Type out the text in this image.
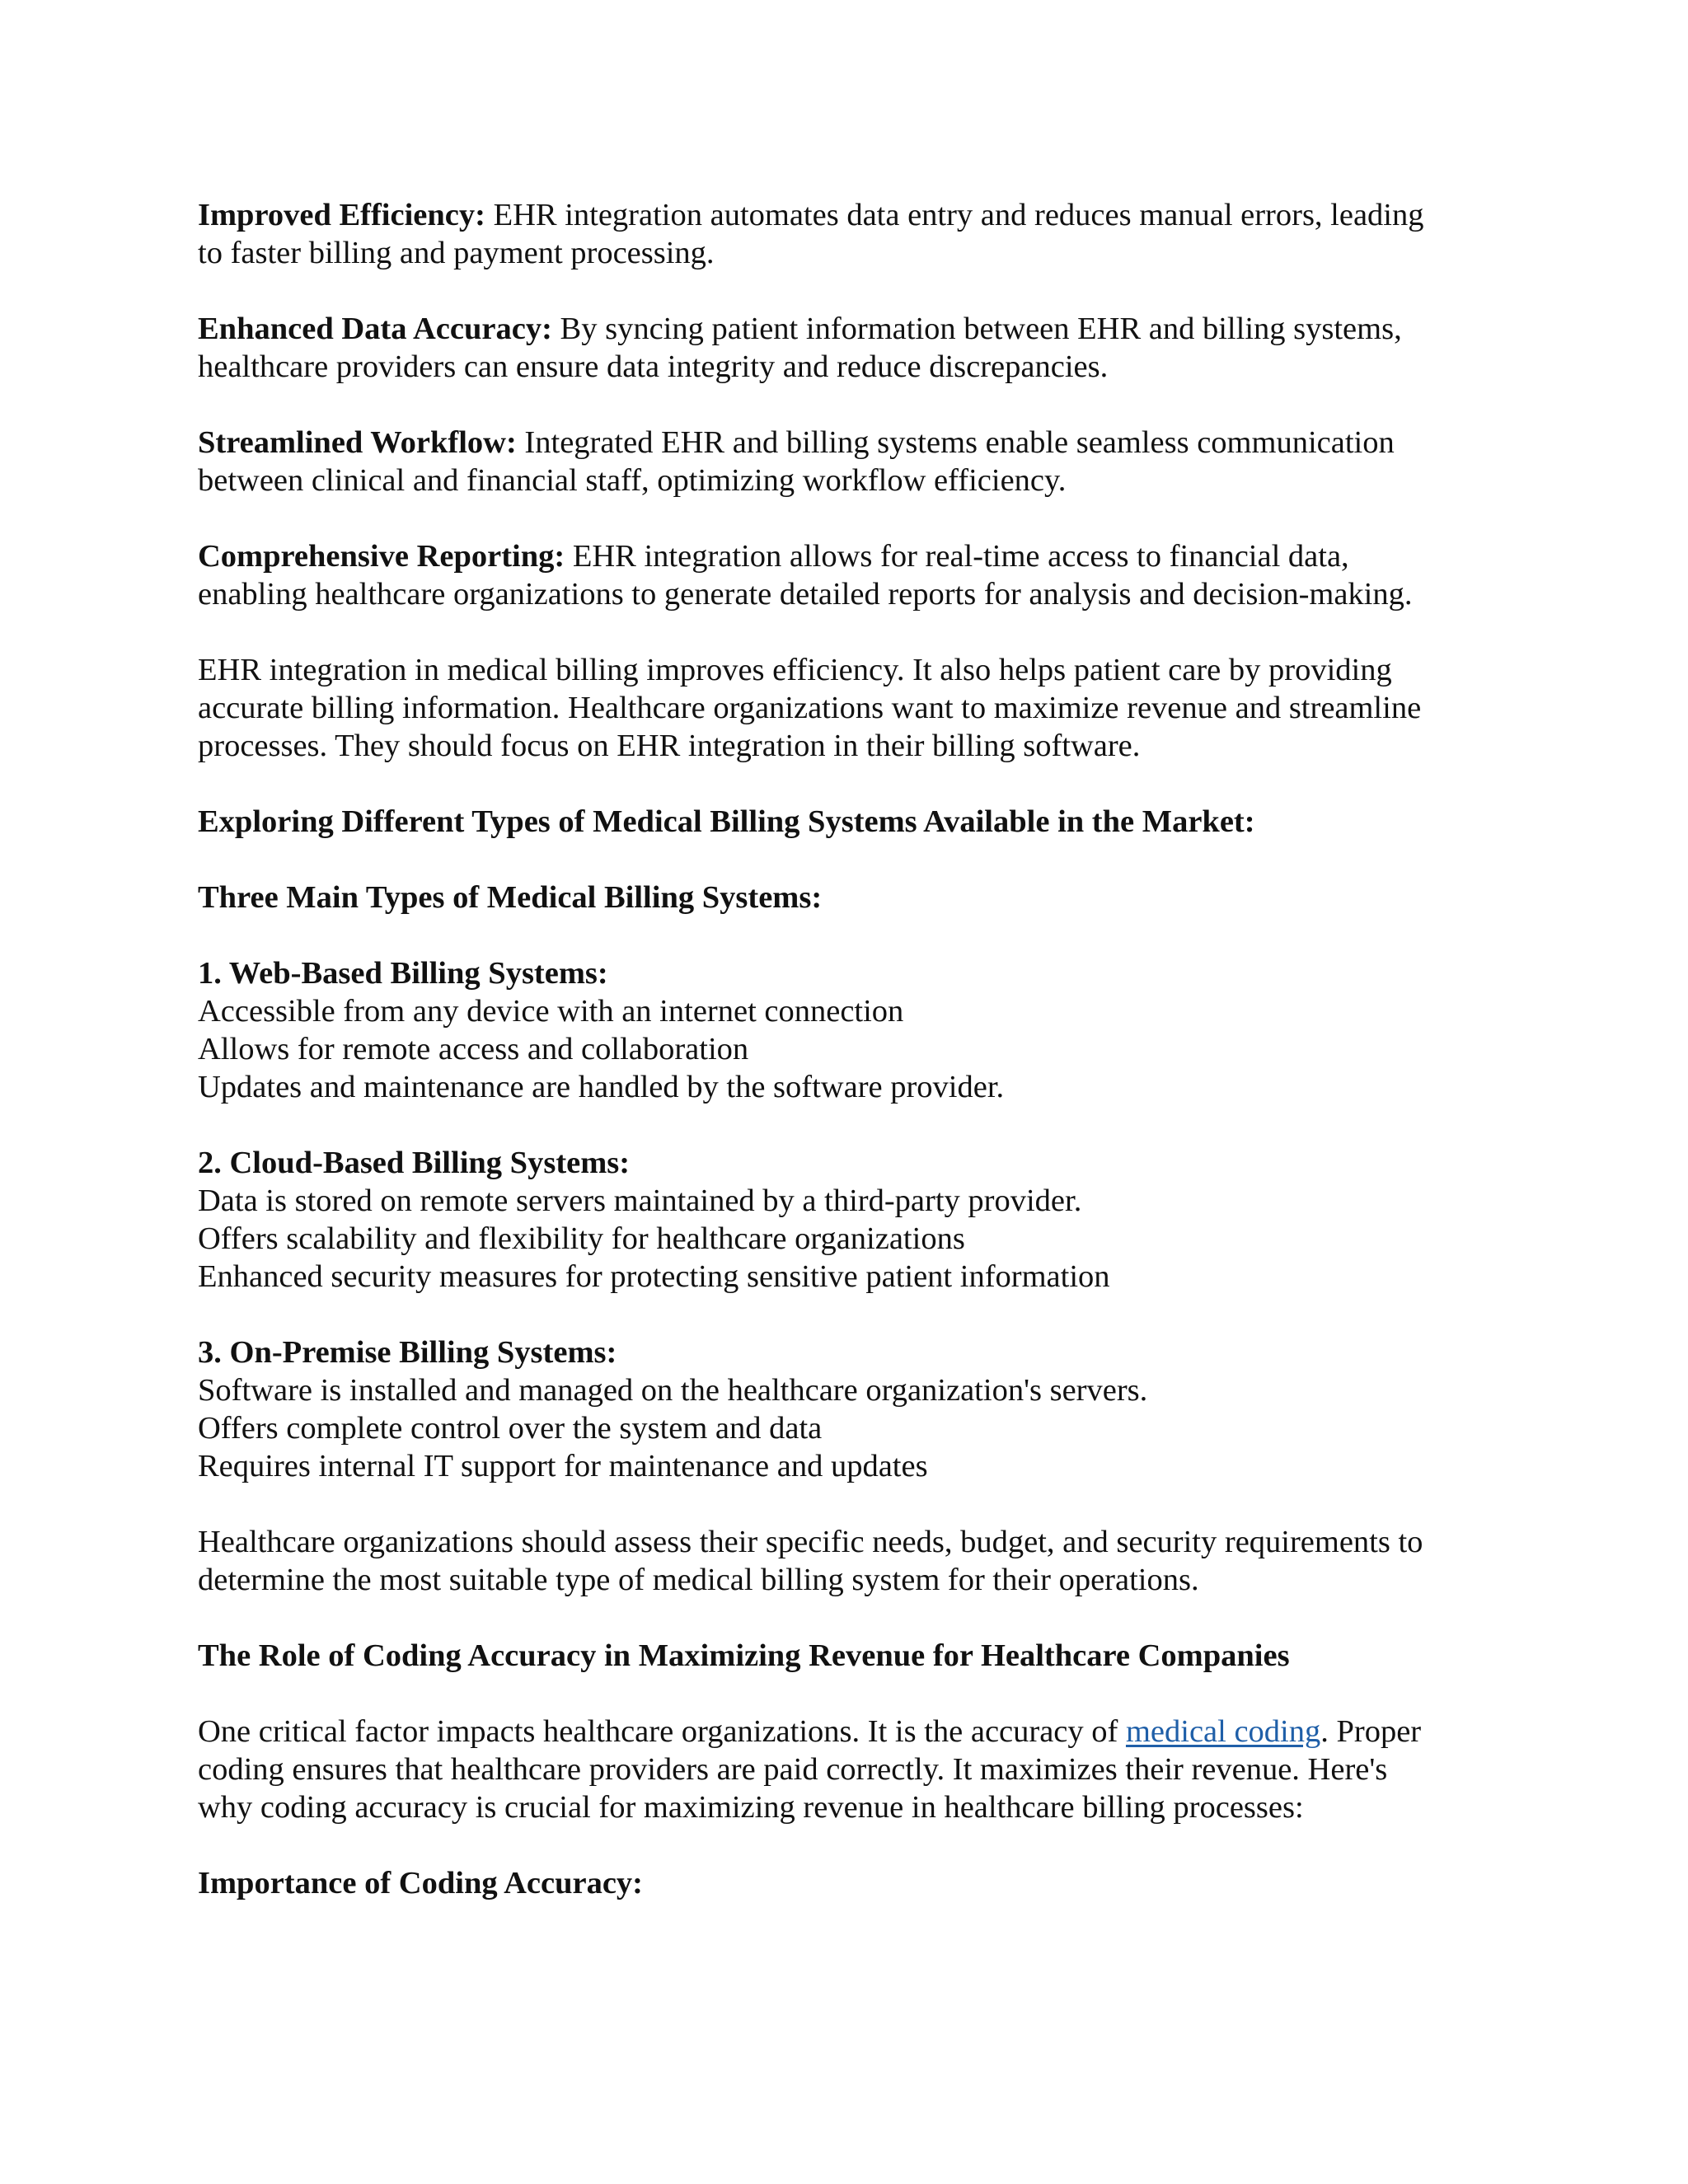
Improved Efficiency: EHR integration automates data entry and reduces manual errors, leading
to faster billing and payment processing.
Enhanced Data Accuracy: By syncing patient information between EHR and billing systems,
healthcare providers can ensure data integrity and reduce discrepancies.
Streamlined Workflow: Integrated EHR and billing systems enable seamless communication
between clinical and financial staff, optimizing workflow efficiency.
Comprehensive Reporting: EHR integration allows for real-time access to financial data,
enabling healthcare organizations to generate detailed reports for analysis and decision-making.
EHR integration in medical billing improves efficiency. It also helps patient care by providing
accurate billing information. Healthcare organizations want to maximize revenue and streamline
processes. They should focus on EHR integration in their billing software.
Exploring Different Types of Medical Billing Systems Available in the Market:
Three Main Types of Medical Billing Systems:
1. Web-Based Billing Systems:
Accessible from any device with an internet connection
Allows for remote access and collaboration
Updates and maintenance are handled by the software provider.
2. Cloud-Based Billing Systems:
Data is stored on remote servers maintained by a third-party provider.
Offers scalability and flexibility for healthcare organizations
Enhanced security measures for protecting sensitive patient information
3. On-Premise Billing Systems:
Software is installed and managed on the healthcare organization's servers.
Offers complete control over the system and data
Requires internal IT support for maintenance and updates
Healthcare organizations should assess their specific needs, budget, and security requirements to
determine the most suitable type of medical billing system for their operations.
The Role of Coding Accuracy in Maximizing Revenue for Healthcare Companies
One critical factor impacts healthcare organizations. It is the accuracy of medical coding. Proper
coding ensures that healthcare providers are paid correctly. It maximizes their revenue. Here's
why coding accuracy is crucial for maximizing revenue in healthcare billing processes:
Importance of Coding Accuracy:
